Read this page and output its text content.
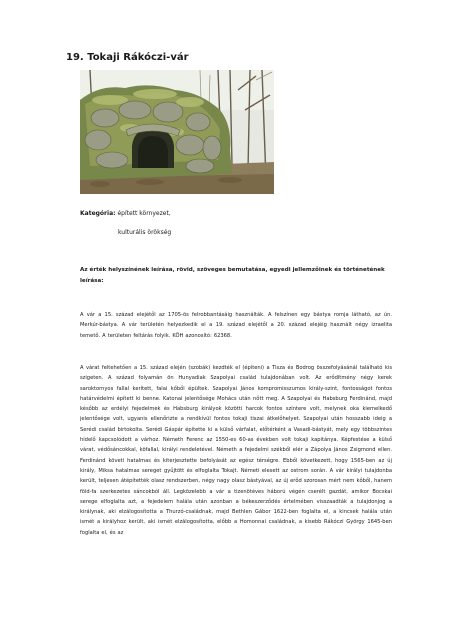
19. Tokaji Rákóczi-vár
Kategória: épített környezet,
kulturális örökség
Az érték helyszínének leírása, rövid, szöveges bemutatása, egyedi jellemzőinek és történetének leírása:
A vár a 15. század elejétől az 1705-ös felrobbantásáig használták. A felszínen egy bástya romja látható, az ún. Merkúr-bástya. A vár területén helyezkedik el a 19. század elejétől a 20. század elejéig használt négy izraelita temető. A területen feltárás folyik. KÖH azonosító: 62368.
A várat feltehetően a 15. század elején (szobák) kezdték el (építeni) a Tisza és Bodrog összefolyásánál található kis szigeten. A század folyamán ön Hunyadiak Szapolyai család tulajdonában volt. Az erődítmény négy kerek saroktornyos fallal kerített, falai kőből épültek. Szapolyai János kompromisszumos király-szint, fontosságot fontos határvédelmi épített ki benne. Katonai jelentősége Mohács után nőtt meg. A Szapolyai és Habsburg Ferdinánd, majd később az erdélyi fejedelmek és Habsburg királyok közötti harcok fontos színtere volt, melynek oka kiemelkedő jelentősége volt, ugyanis ellenőrizte a rendkívül fontos tokaji tiszai átkelőhelyet. Szapolyai után hosszabb ideig a Serédi család birtokolta. Serédi Gáspár építette ki a külső várfalat, előtérként a Vasadi-bástyát, mely egy többszintes hídelő kapcsolódott a várhoz. Németh Ferenc az 1550-es 60-as években volt tokaji kapitánya. Képfestése a külső várat, védősáncokkal, köfallal, királyi rendeletével. Németh a fejedelmi székből elér a Zápolya János Zsigmond ellen. Ferdinánd követi hatalmas és kiterjesztette befolyását az egész térségre. Ebből következett, hogy 1565-ben az új király, Miksa hatalmas sereget gyűjtött és elfoglalta Tokajt. Németi elesett az ostrom során. A vár királyi tulajdonba került, teljesen átépítették olasz rendszerben, négy nagy olasz bástyával, az új erőd szorosan mért nem kőből, hanem föld-fa szerkezetes sáncokból áll. Legközelebb a vár a tizenötéves háború végén cserélt gazdát, amikor Bocskai serege elfoglalta azt, a fejedelem halála után azonban a békeszerződés értelmében visszaadták a tulajdonjog a királynak, aki elzálogosította a Thurzó-családnak, majd Bethlen Gábor 1622-ben foglalta el, a kincsek halála után ismét a királyhoz került, aki ismét elzálogosította, előbb a Homonnai családnak, a kisebb Rákóczi György 1645-ben foglalta el, és az
